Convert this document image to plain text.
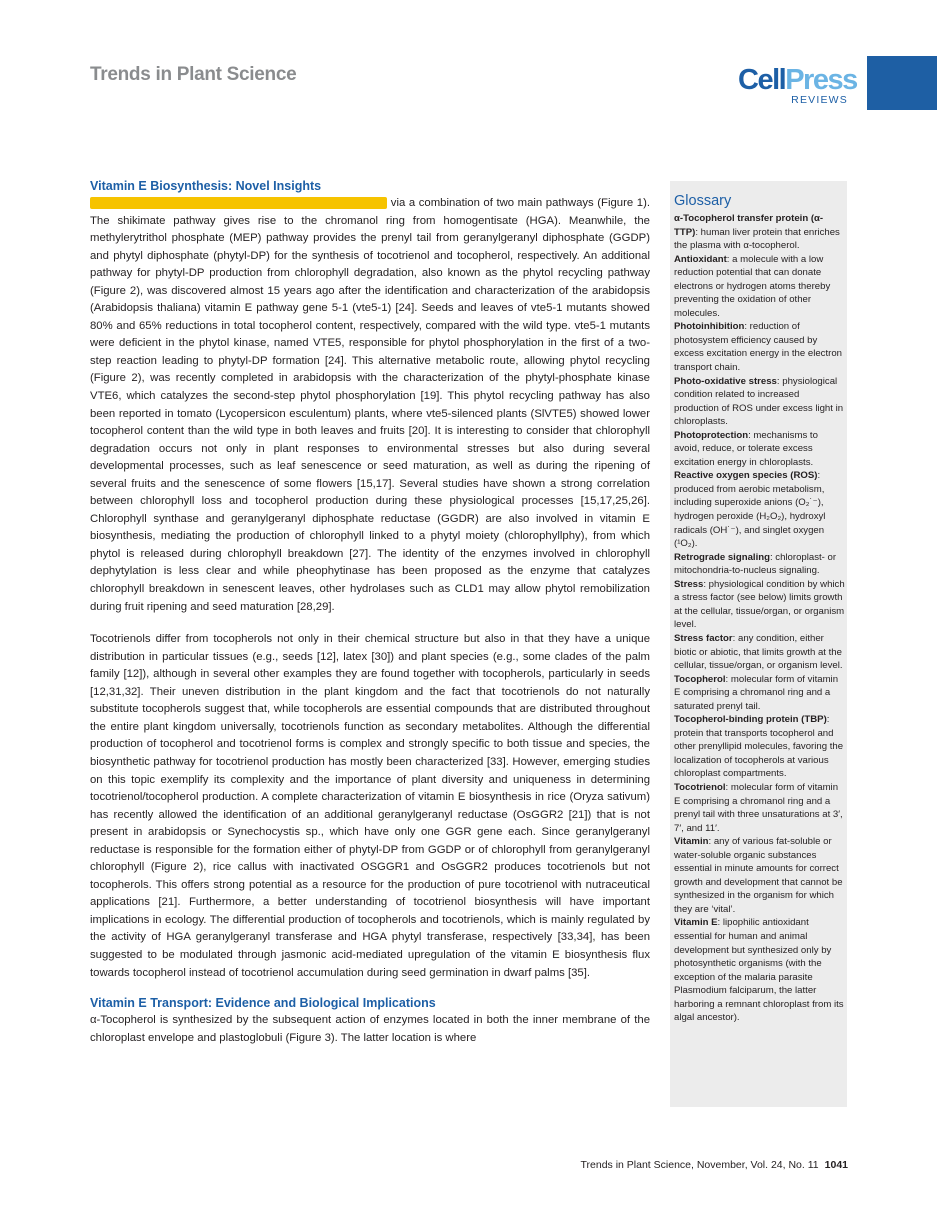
Trends in Plant Science	CellPress
REVIEWS
Vitamin E Biosynthesis: Novel Insights

via a combination of two main pathways (Figure 1). The shikimate pathway gives rise to the chromanol ring from homogentisate (HGA). Meanwhile, the methylerytrithol phosphate (MEP) pathway provides the prenyl tail from geranylgeranyl diphosphate (GGDP) and phytyl diphosphate (phytyl-DP) for the synthesis of tocotrienol and tocopherol, respectively. An additional pathway for phytyl-DP production from chlorophyll degradation, also known as the phytol recycling pathway (Figure 2), was discovered almost 15 years ago after the identification and characterization of the arabidopsis (Arabidopsis thaliana) vitamin E pathway gene 5-1 (vte5-1) [24]. Seeds and leaves of vte5-1 mutants showed 80% and 65% reductions in total tocopherol content, respectively, compared with the wild type. vte5-1 mutants were deficient in the phytol kinase, named VTE5, responsible for phytol phosphorylation in the first of a two-step reaction leading to phytyl-DP formation [24]. This alternative metabolic route, allowing phytol recycling (Figure 2), was recently completed in arabidopsis with the characterization of the phytyl-phosphate kinase VTE6, which catalyzes the second-step phytol phosphorylation [19]. This phytol recycling pathway has also been reported in tomato (Lycopersicon esculentum) plants, where vte5-silenced plants (SlVTE5) showed lower tocopherol content than the wild type in both leaves and fruits [20]. It is interesting to consider that chlorophyll degradation occurs not only in plant responses to environmental stresses but also during several developmental processes, such as leaf senescence or seed maturation, as well as during the ripening of several fruits and the senescence of some flowers [15,17]. Several studies have shown a strong correlation between chlorophyll loss and tocopherol production during these physiological processes [15,17,25,26]. Chlorophyll synthase and geranylgeranyl diphosphate reductase (GGDR) are also involved in vitamin E biosynthesis, mediating the production of chlorophyll linked to a phytyl moiety (chlorophyllphy), from which phytol is released during chlorophyll breakdown [27]. The identity of the enzymes involved in chlorophyll dephytylation is less clear and while pheophytinase has been proposed as the enzyme that catalyzes chlorophyll breakdown in senescent leaves, other hydrolases such as CLD1 may allow phytol remobilization during fruit ripening and seed maturation [28,29].

Tocotrienols differ from tocopherols not only in their chemical structure but also in that they have a unique distribution in particular tissues (e.g., seeds [12], latex [30]) and plant species (e.g., some clades of the palm family [12]), although in several other examples they are found together with tocopherols, particularly in seeds [12,31,32]. Their uneven distribution in the plant kingdom and the fact that tocotrienols do not naturally substitute tocopherols suggest that, while tocopherols are essential compounds that are distributed throughout the entire plant kingdom universally, tocotrienols function as secondary metabolites. Although the differential production of tocopherol and tocotrienol forms is complex and strongly specific to both tissue and species, the biosynthetic pathway for tocotrienol production has mostly been characterized [33]. However, emerging studies on this topic exemplify its complexity and the importance of plant diversity and uniqueness in determining tocotrienol/tocopherol production. A complete characterization of vitamin E biosynthesis in rice (Oryza sativum) has recently allowed the identification of an additional geranylgeranyl reductase (OsGGR2 [21]) that is not present in arabidopsis or Synechocystis sp., which have only one GGR gene each. Since geranylgeranyl reductase is responsible for the formation either of phytyl-DP from GGDP or of chlorophyll from geranylgeranyl chlorophyll (Figure 2), rice callus with inactivated OSGGR1 and OsGGR2 produces tocotrienols but not tocopherols. This offers strong potential as a resource for the production of pure tocotrienol with nutraceutical applications [21]. Furthermore, a better understanding of tocotrienol biosynthesis will have important implications in ecology. The differential production of tocopherols and tocotrienols, which is mainly regulated by the activity of HGA geranylgeranyl transferase and HGA phytyl transferase, respectively [33,34], has been suggested to be modulated through jasmonic acid-mediated upregulation of the vitamin E biosynthesis flux towards tocopherol instead of tocotrienol accumulation during seed germination in dwarf palms [35].

Vitamin E Transport: Evidence and Biological Implications

α-Tocopherol is synthesized by the subsequent action of enzymes located in both the inner membrane of the chloroplast envelope and plastoglobuli (Figure 3). The latter location is where

Glossary

α-Tocopherol transfer protein (α-TTP): human liver protein that enriches the plasma with α-tocopherol.

Antioxidant: a molecule with a low reduction potential that can donate electrons or hydrogen atoms thereby preventing the oxidation of other molecules.

Photoinhibition: reduction of photosystem efficiency caused by excess excitation energy in the electron transport chain.

Photo-oxidative stress: physiological condition related to increased production of ROS under excess light in chloroplasts.

Photoprotection: mechanisms to avoid, reduce, or tolerate excess excitation energy in chloroplasts.

Reactive oxygen species (ROS): produced from aerobic metabolism, including superoxide anions (O₂˙⁻), hydrogen peroxide (H₂O₂), hydroxyl radicals (OH˙⁻), and singlet oxygen (¹O₂).

Retrograde signaling: chloroplast- or mitochondria-to-nucleus signaling.

Stress: physiological condition by which a stress factor (see below) limits growth at the cellular, tissue/organ, or organism level.

Stress factor: any condition, either biotic or abiotic, that limits growth at the cellular, tissue/organ, or organism level.

Tocopherol: molecular form of vitamin E comprising a chromanol ring and a saturated prenyl tail.

Tocopherol-binding protein (TBP): protein that transports tocopherol and other prenyllipid molecules, favoring the localization of tocopherols at various chloroplast compartments.

Tocotrienol: molecular form of vitamin E comprising a chromanol ring and a prenyl tail with three unsaturations at 3′, 7′, and 11′.

Vitamin: any of various fat-soluble or water-soluble organic substances essential in minute amounts for correct growth and development that cannot be synthesized in the organism for which they are ‘vital’.

Vitamin E: lipophilic antioxidant essential for human and animal development but synthesized only by photosynthetic organisms (with the exception of the malaria parasite Plasmodium falciparum, the latter harboring a remnant chloroplast from its algal ancestor).

Trends in Plant Science, November, Vol. 24, No. 11 1041
